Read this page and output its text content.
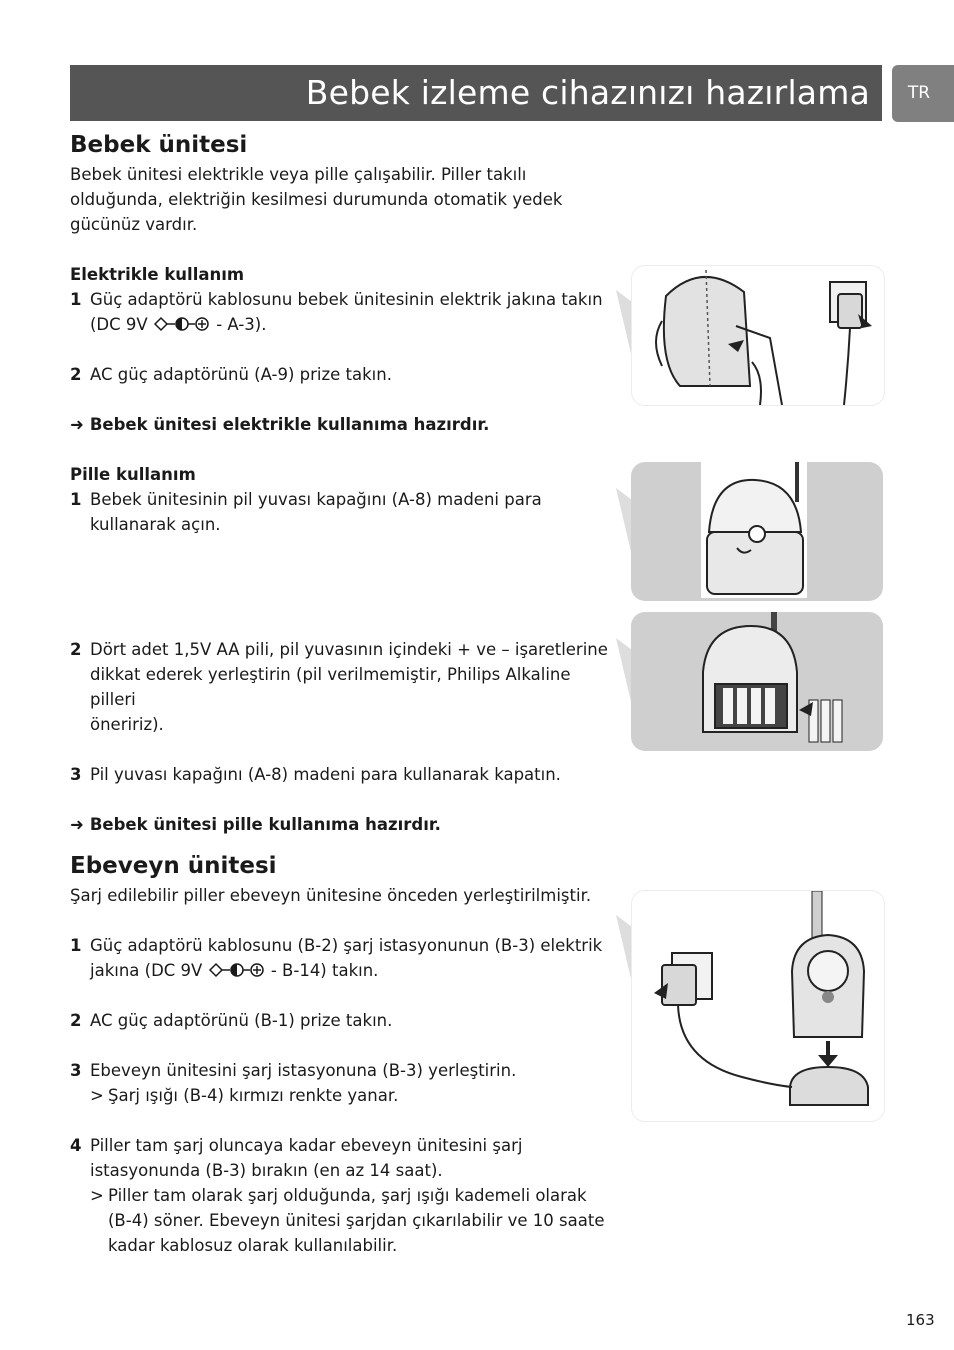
Bebek izleme cihazınızı hazırlama	TR
Bebek ünitesi

Bebek ünitesi elektrikle veya pille çalışabilir. Piller takılı

olduğunda, elektriğin kesilmesi durumunda otomatik yedek

gücünüz vardır.

Elektrikle kullanım
1 Güç adaptörü kablosunu bebek ünitesinin elektrik jakına takın
(DC 9V	- A-3).
2 AC güç adaptörünü (A-9) prize takın.
➜ Bebek ünitesi elektrikle kullanıma hazırdır.
Pille kullanım
1 Bebek ünitesinin pil yuvası kapağını (A-8) madeni para
kullanarak açın.
2 Dört adet 1,5V AA pili, pil yuvasının içindeki + ve – işaretlerine
dikkat ederek yerleştirin (pil verilmemiştir, Philips Alkaline pilleri
öneririz).
3 Pil yuvası kapağını (A-8) madeni para kullanarak kapatın.
➜ Bebek ünitesi pille kullanıma hazırdır.
Ebeveyn ünitesi

Şarj edilebilir piller ebeveyn ünitesine önceden yerleştirilmiştir.

1 Güç adaptörü kablosunu (B-2) şarj istasyonunun (B-3) elektrik
jakına (DC 9V	- B-14) takın.
2 AC güç adaptörünü (B-1) prize takın.
3 Ebeveyn ünitesini şarj istasyonuna (B-3) yerleştirin.
> Şarj ışığı (B-4) kırmızı renkte yanar.
4 Piller tam şarj oluncaya kadar ebeveyn ünitesini şarj
istasyonunda (B-3) bırakın (en az 14 saat).
> Piller tam olarak şarj olduğunda, şarj ışığı kademeli olarak
(B-4) söner. Ebeveyn ünitesi şarjdan çıkarılabilir ve 10 saate
kadar kablosuz olarak kullanılabilir.
163
